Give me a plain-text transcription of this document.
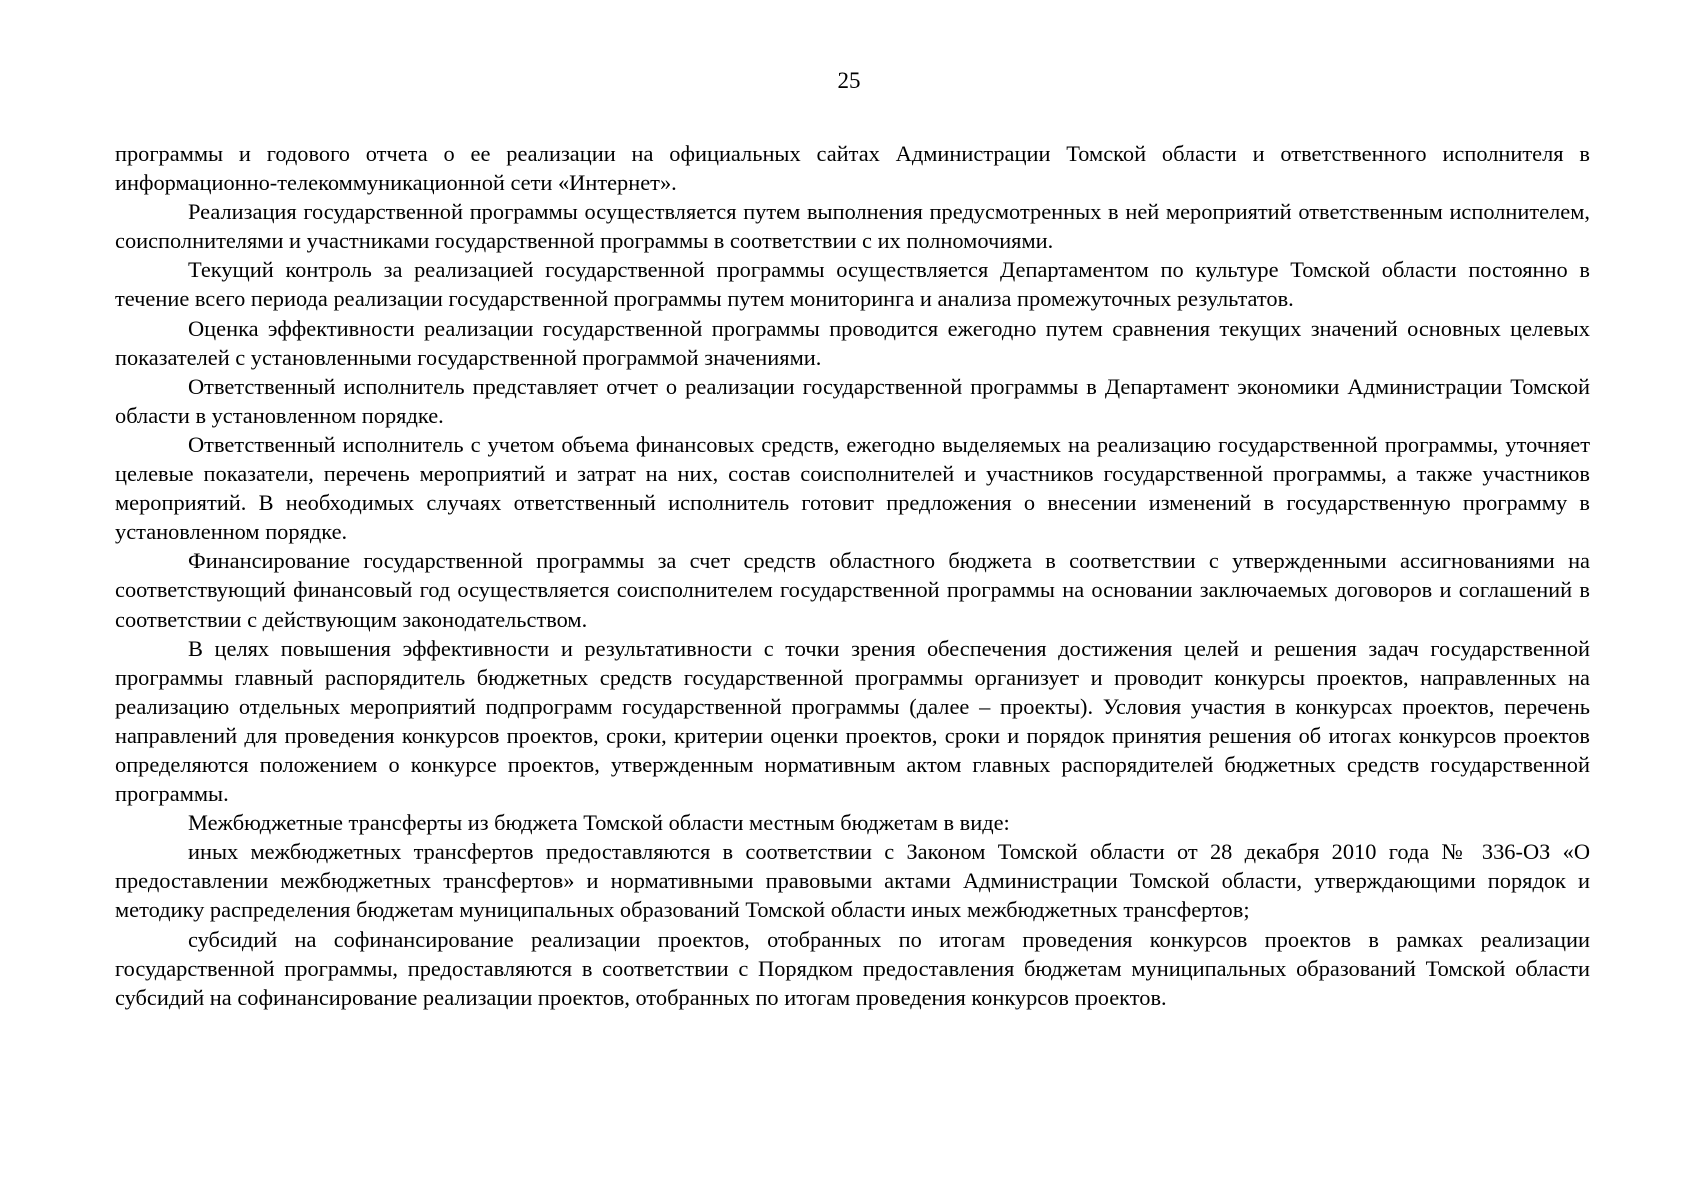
25

программы и годового отчета о ее реализации на официальных сайтах Администрации Томской области и ответственного исполнителя в информационно-телекоммуникационной сети «Интернет».

Реализация государственной программы осуществляется путем выполнения предусмотренных в ней мероприятий ответственным исполнителем, соисполнителями и участниками государственной программы в соответствии с их полномочиями.

Текущий контроль за реализацией государственной программы осуществляется Департаментом по культуре Томской области постоянно в течение всего периода реализации государственной программы путем мониторинга и анализа промежуточных результатов.

Оценка эффективности реализации государственной программы проводится ежегодно путем сравнения текущих значений основных целевых показателей с установленными государственной программой значениями.

Ответственный исполнитель представляет отчет о реализации государственной программы в Департамент экономики Администрации Томской области в установленном порядке.

Ответственный исполнитель с учетом объема финансовых средств, ежегодно выделяемых на реализацию государственной программы, уточняет целевые показатели, перечень мероприятий и затрат на них, состав соисполнителей и участников государственной программы, а также участников мероприятий. В необходимых случаях ответственный исполнитель готовит предложения о внесении изменений в государственную программу в установленном порядке.

Финансирование государственной программы за счет средств областного бюджета в соответствии с утвержденными ассигнованиями на соответствующий финансовый год осуществляется соисполнителем государственной программы на основании заключаемых договоров и соглашений в соответствии с действующим законодательством.

В целях повышения эффективности и результативности с точки зрения обеспечения достижения целей и решения задач государственной программы главный распорядитель бюджетных средств государственной программы организует и проводит конкурсы проектов, направленных на реализацию отдельных мероприятий подпрограмм государственной программы (далее – проекты). Условия участия в конкурсах проектов, перечень направлений для проведения конкурсов проектов, сроки, критерии оценки проектов, сроки и порядок принятия решения об итогах конкурсов проектов определяются положением о конкурсе проектов, утвержденным нормативным актом главных распорядителей бюджетных средств государственной программы.

Межбюджетные трансферты из бюджета Томской области местным бюджетам в виде:

иных межбюджетных трансфертов предоставляются в соответствии с Законом Томской области от 28 декабря 2010 года № 336-ОЗ «О предоставлении межбюджетных трансфертов» и нормативными правовыми актами Администрации Томской области, утверждающими порядок и методику распределения бюджетам муниципальных образований Томской области иных межбюджетных трансфертов;

субсидий на софинансирование реализации проектов, отобранных по итогам проведения конкурсов проектов в рамках реализации государственной программы, предоставляются в соответствии с Порядком предоставления бюджетам муниципальных образований Томской области субсидий на софинансирование реализации проектов, отобранных по итогам проведения конкурсов проектов.
